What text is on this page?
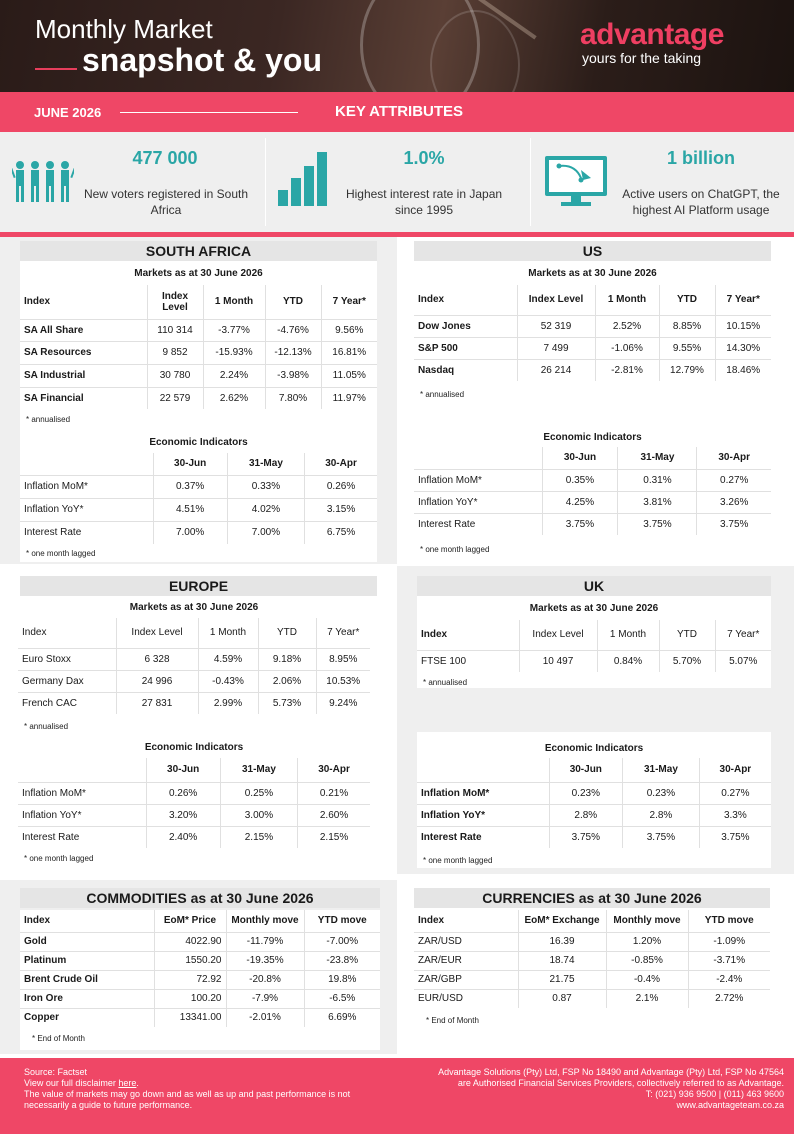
Monthly Market
snapshot & you
advantage
yours for the taking
JUNE 2026	KEY ATTRIBUTES
477 000
New voters registered in South Africa
1.0%
Highest interest rate in Japan since 1995
1 billion
Active users on ChatGPT, the highest AI Platform usage
SOUTH AFRICA
Markets as at 30 June 2026
Index	Index Level	1 Month	YTD	7 Year*
SA All Share	110 314	-3.77%	-4.76%	9.56%
SA Resources	9 852	-15.93%	-12.13%	16.81%
SA Industrial	30 780	2.24%	-3.98%	11.05%
SA Financial	22 579	2.62%	7.80%	11.97%
* annualised
Economic Indicators
	30-Jun	31-May	30-Apr
Inflation MoM*	0.37%	0.33%	0.26%
Inflation YoY*	4.51%	4.02%	3.15%
Interest Rate	7.00%	7.00%	6.75%
* one month lagged
US
Markets as at 30 June 2026
Index	Index Level	1 Month	YTD	7 Year*
Dow Jones	52 319	2.52%	8.85%	10.15%
S&P 500	7 499	-1.06%	9.55%	14.30%
Nasdaq	26 214	-2.81%	12.79%	18.46%
* annualised
Economic Indicators
	30-Jun	31-May	30-Apr
Inflation MoM*	0.35%	0.31%	0.27%
Inflation YoY*	4.25%	3.81%	3.26%
Interest Rate	3.75%	3.75%	3.75%
* one month lagged
EUROPE
Markets as at 30 June 2026
Index	Index Level	1 Month	YTD	7 Year*
Euro Stoxx	6 328	4.59%	9.18%	8.95%
Germany Dax	24 996	-0.43%	2.06%	10.53%
French CAC	27 831	2.99%	5.73%	9.24%
* annualised
Economic Indicators
	30-Jun	31-May	30-Apr
Inflation MoM*	0.26%	0.25%	0.21%
Inflation YoY*	3.20%	3.00%	2.60%
Interest Rate	2.40%	2.15%	2.15%
* one month lagged
UK
Markets as at 30 June 2026
Index	Index Level	1 Month	YTD	7 Year*
FTSE 100	10 497	0.84%	5.70%	5.07%
* annualised
Economic Indicators
	30-Jun	31-May	30-Apr
Inflation MoM*	0.23%	0.23%	0.27%
Inflation YoY*	2.8%	2.8%	3.3%
Interest Rate	3.75%	3.75%	3.75%
* one month lagged
COMMODITIES as at 30 June 2026
Index	EoM* Price	Monthly move	YTD move
Gold	4022.90	-11.79%	-7.00%
Platinum	1550.20	-19.35%	-23.8%
Brent Crude Oil	72.92	-20.8%	19.8%
Iron Ore	100.20	-7.9%	-6.5%
Copper	13341.00	-2.01%	6.69%
* End of Month
CURRENCIES as at 30 June 2026
Index	EoM* Exchange	Monthly move	YTD move
ZAR/USD	16.39	1.20%	-1.09%
ZAR/EUR	18.74	-0.85%	-3.71%
ZAR/GBP	21.75	-0.4%	-2.4%
EUR/USD	0.87	2.1%	2.72%
* End of Month
Source: Factset
View our full disclaimer here.
The value of markets may go down and as well as up and past performance is not necessarily a guide to future performance.
Advantage Solutions (Pty) Ltd, FSP No 18490 and Advantage (Pty) Ltd, FSP No 47564
are Authorised Financial Services Providers, collectively referred to as Advantage.
T: (021) 936 9500 | (011) 463 9600
www.advantageteam.co.za
